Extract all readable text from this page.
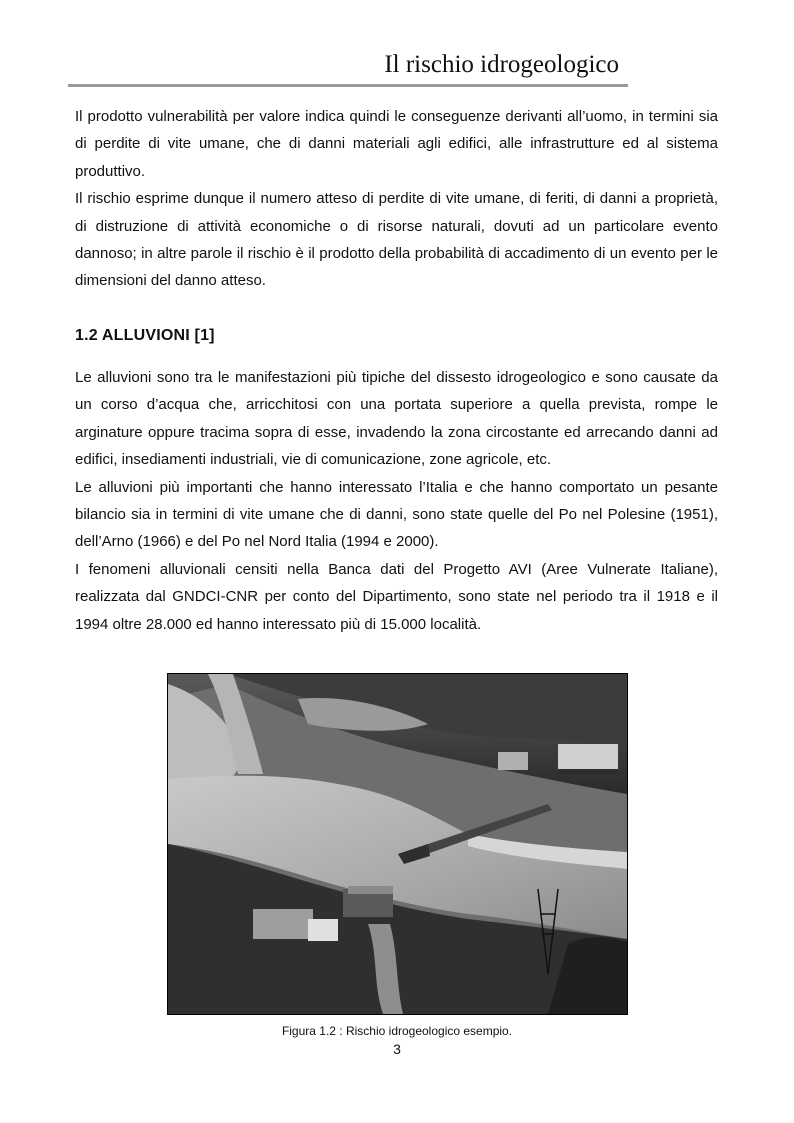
Il rischio idrogeologico

Il prodotto vulnerabilità per valore indica quindi le conseguenze derivanti all’uomo, in termini sia di perdite di vite umane, che di danni materiali agli edifici, alle infrastrutture ed al sistema produttivo.

Il rischio esprime dunque il numero atteso di perdite di vite umane, di feriti, di danni a proprietà, di distruzione di attività economiche o di risorse naturali, dovuti ad un particolare evento dannoso; in altre parole il rischio è il prodotto della probabilità di accadimento di un evento per le dimensioni del danno atteso.

1.2 ALLUVIONI [1]

Le alluvioni sono tra le manifestazioni più tipiche del dissesto idrogeologico e sono causate da un corso d’acqua che, arricchitosi con una portata superiore a quella prevista, rompe le arginature oppure tracima sopra di esse, invadendo la zona circostante ed arrecando danni ad edifici, insediamenti industriali, vie di comunicazione, zone agricole, etc.

Le alluvioni più importanti che hanno interessato l’Italia e che hanno comportato un pesante bilancio sia in termini di vite umane che di danni, sono state quelle del Po nel Polesine (1951), dell’Arno (1966) e del Po nel Nord Italia (1994 e 2000).

I fenomeni alluvionali censiti nella Banca dati del Progetto AVI (Aree Vulnerate Italiane), realizzata dal GNDCI-CNR per conto del Dipartimento, sono state nel periodo tra il 1918 e il 1994 oltre 28.000 ed hanno interessato più di 15.000 località.

Figura 1.2 : Rischio idrogeologico esempio.
3
